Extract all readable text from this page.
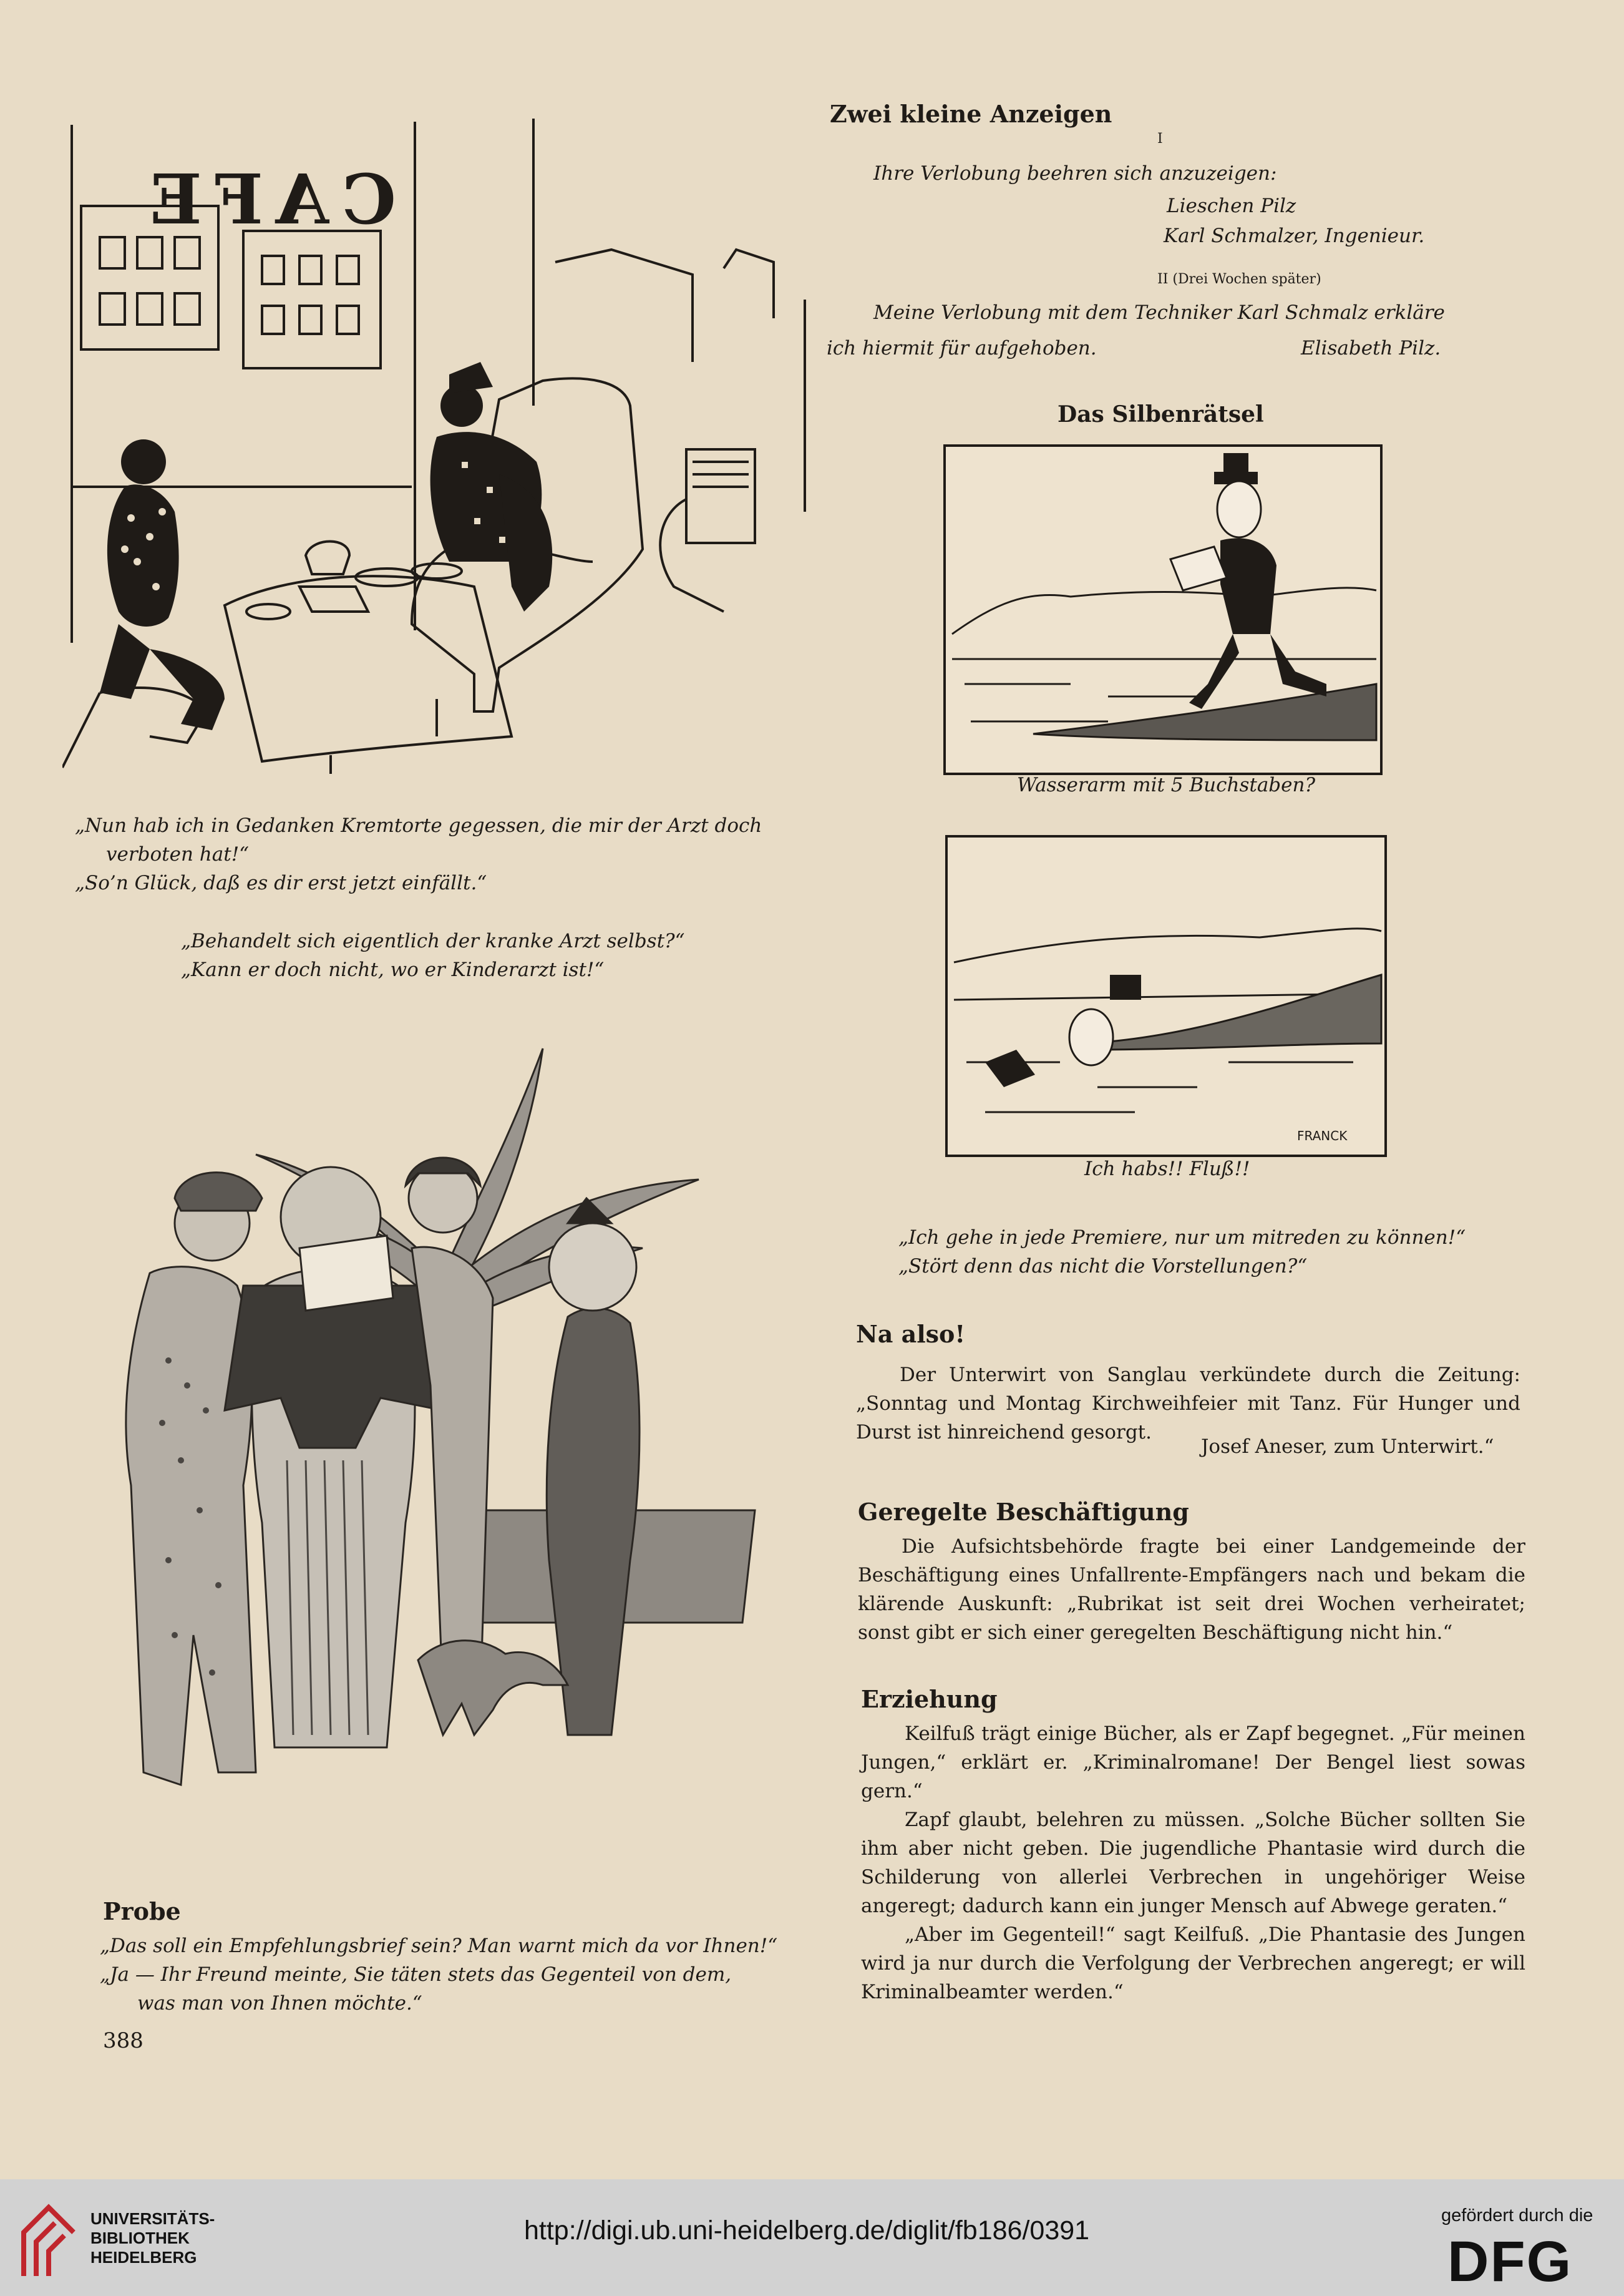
CAFE
„Nun hab ich in Gedanken Kremtorte gegessen, die mir der Arzt doch
verboten hat!“
„So’n Glück, daß es dir erst jetzt einfällt.“
„Behandelt sich eigentlich der kranke Arzt selbst?“
„Kann er doch nicht, wo er Kinderarzt ist!“
Probe
„Das soll ein Empfehlungsbrief sein? Man warnt mich da vor Ihnen!“
„Ja — Ihr Freund meinte, Sie täten stets das Gegenteil von dem,
was man von Ihnen möchte.“
388
Zwei kleine Anzeigen
I
Ihre Verlobung beehren sich anzuzeigen:
Lieschen Pilz
Karl Schmalzer, Ingenieur.
II (Drei Wochen später)
Meine Verlobung mit dem Techniker Karl Schmalz erkläre
ich hiermit für aufgehoben.	Elisabeth Pilz.
Das Silbenrätsel
Wasserarm mit 5 Buchstaben?
FRANCK
Ich habs!! Fluß!!
„Ich gehe in jede Premiere, nur um mitreden zu können!“
„Stört denn das nicht die Vorstellungen?“
Na also!
Der Unterwirt von Sanglau verkündete durch die Zeitung: „Sonntag und Montag Kirchweihfeier mit Tanz. Für Hunger und Durst ist hinreichend gesorgt.
Josef Aneser, zum Unterwirt.“
Geregelte Beschäftigung
Die Aufsichtsbehörde fragte bei einer Landgemeinde der Beschäftigung eines Unfallrente-Empfängers nach und bekam die klärende Auskunft: „Rubrikat ist seit drei Wochen verheiratet; sonst gibt er sich einer geregelten Beschäftigung nicht hin.“
Erziehung
Keilfuß trägt einige Bücher, als er Zapf begegnet. „Für meinen Jungen,“ erklärt er. „Kriminalromane! Der Bengel liest sowas gern.“
Zapf glaubt, belehren zu müssen. „Solche Bücher sollten Sie ihm aber nicht geben. Die jugendliche Phantasie wird durch die Schilderung von allerlei Verbrechen in ungehöriger Weise angeregt; dadurch kann ein junger Mensch auf Abwege geraten.“
„Aber im Gegenteil!“ sagt Keilfuß. „Die Phantasie des Jungen wird ja nur durch die Verfolgung der Verbrechen angeregt; er will Kriminalbeamter werden.“
UNIVERSITÄTS-
BIBLIOTHEK
HEIDELBERG
http://digi.ub.uni-heidelberg.de/diglit/fb186/0391	gefördert durch die
DFG
